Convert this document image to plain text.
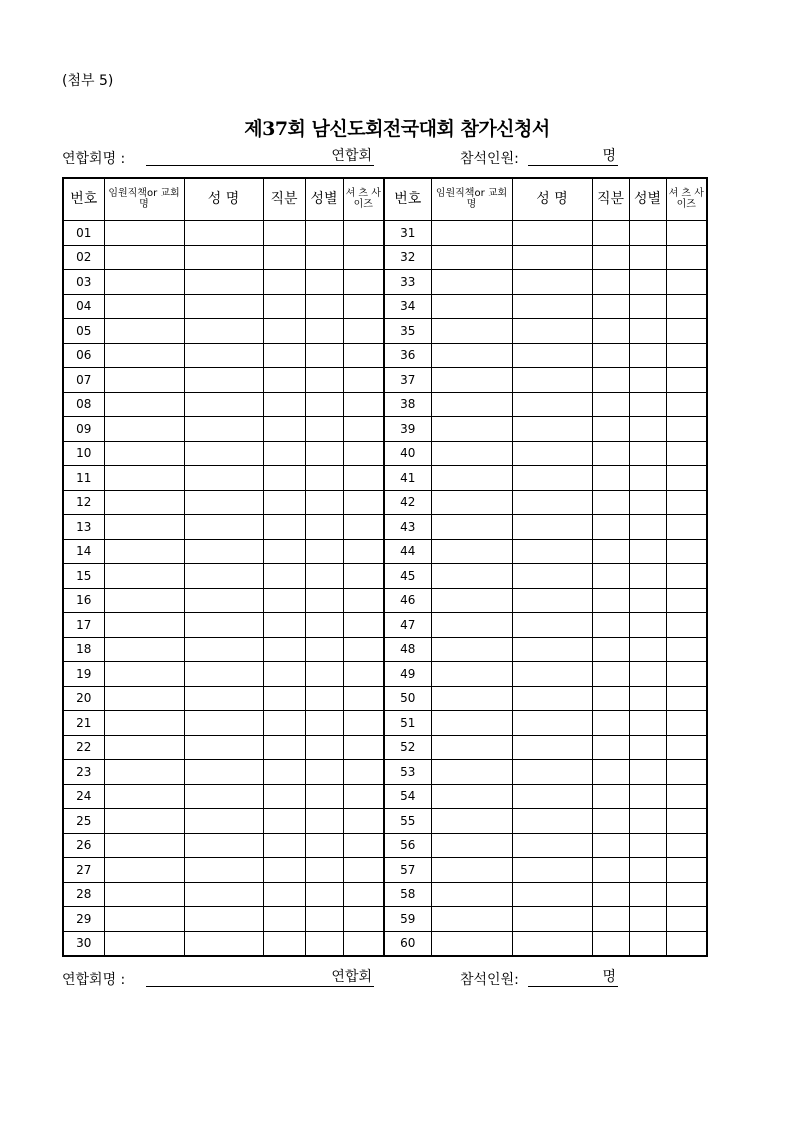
(첨부 5)
제37회 남신도회전국대회 참가신청서
연합회명 :	연합회	참석인원:	명
번호	임원직책or 교회명	성 명	직분	성별	셔 츠 사이즈	번호	임원직책or 교회명	성 명	직분	성별	셔 츠 사이즈
01						31					
02						32					
03						33					
04						34					
05						35					
06						36					
07						37					
08						38					
09						39					
10						40					
11						41					
12						42					
13						43					
14						44					
15						45					
16						46					
17						47					
18						48					
19						49					
20						50					
21						51					
22						52					
23						53					
24						54					
25						55					
26						56					
27						57					
28						58					
29						59					
30						60					
연합회명 :	연합회	참석인원:	명
